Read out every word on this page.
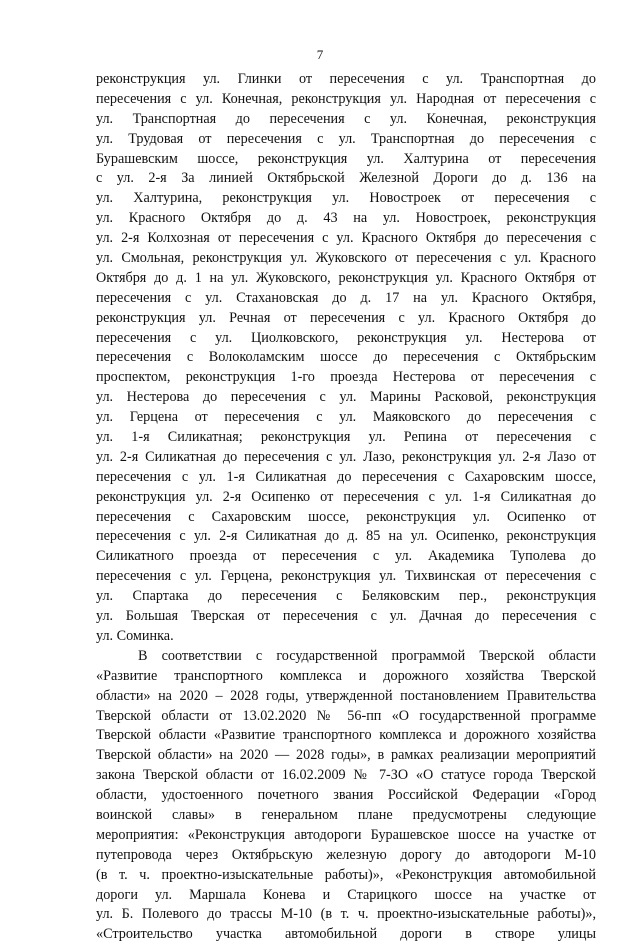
7
реконструкция ул. Глинки от пересечения с ул. Транспортная до
пересечения с ул. Конечная, реконструкция ул. Народная от пересечения с
ул. Транспортная до пересечения с ул. Конечная, реконструкция
ул. Трудовая от пересечения с ул. Транспортная до пересечения с
Бурашевским шоссе, реконструкция ул. Халтурина от пересечения
с ул. 2-я За линией Октябрьской Железной Дороги до д. 136 на
ул. Халтурина, реконструкция ул. Новостроек от пересечения с
ул. Красного Октября до д. 43 на ул. Новостроек, реконструкция
ул. 2-я Колхозная от пересечения с ул. Красного Октября до пересечения с
ул. Смольная, реконструкция ул. Жуковского от пересечения с ул. Красного
Октября до д. 1 на ул. Жуковского, реконструкция ул. Красного Октября от
пересечения с ул. Стахановская до д. 17 на ул. Красного Октября,
реконструкция ул. Речная от пересечения с ул. Красного Октября до
пересечения с ул. Циолковского, реконструкция ул. Нестерова от
пересечения с Волоколамским шоссе до пересечения с Октябрьским
проспектом, реконструкция 1-го проезда Нестерова от пересечения с
ул. Нестерова до пересечения с ул. Марины Расковой, реконструкция
ул. Герцена от пересечения с ул. Маяковского до пересечения с
ул. 1-я Силикатная; реконструкция ул. Репина от пересечения с
ул. 2-я Силикатная до пересечения с ул. Лазо, реконструкция ул. 2-я Лазо от
пересечения с ул. 1-я Силикатная до пересечения с Сахаровским шоссе,
реконструкция ул. 2-я Осипенко от пересечения с ул. 1-я Силикатная до
пересечения с Сахаровским шоссе, реконструкция ул. Осипенко от
пересечения с ул. 2-я Силикатная до д. 85 на ул. Осипенко, реконструкция
Силикатного проезда от пересечения с ул. Академика Туполева до
пересечения с ул. Герцена, реконструкция ул. Тихвинская от пересечения с
ул. Спартака до пересечения с Беляковским пер., реконструкция
ул. Большая Тверская от пересечения с ул. Дачная до пересечения с
ул. Соминка.
В соответствии с государственной программой Тверской области
«Развитие транспортного комплекса и дорожного хозяйства Тверской
области» на 2020 – 2028 годы, утвержденной постановлением Правительства
Тверской области от 13.02.2020 № 56-пп «О государственной программе
Тверской области «Развитие транспортного комплекса и дорожного хозяйства
Тверской области» на 2020 — 2028 годы», в рамках реализации мероприятий
закона Тверской области от 16.02.2009 № 7-ЗО «О статусе города Тверской
области, удостоенного почетного звания Российской Федерации «Город
воинской славы» в генеральном плане предусмотрены следующие
мероприятия: «Реконструкция автодороги Бурашевское шоссе на участке от
путепровода через Октябрьскую железную дорогу до автодороги М-10
(в т. ч. проектно-изыскательные работы)», «Реконструкция автомобильной
дороги ул. Маршала Конева и Старицкого шоссе на участке от
ул. Б. Полевого до трассы М-10 (в т. ч. проектно-изыскательные работы)»,
«Строительство участка автомобильной дороги в створе улицы
